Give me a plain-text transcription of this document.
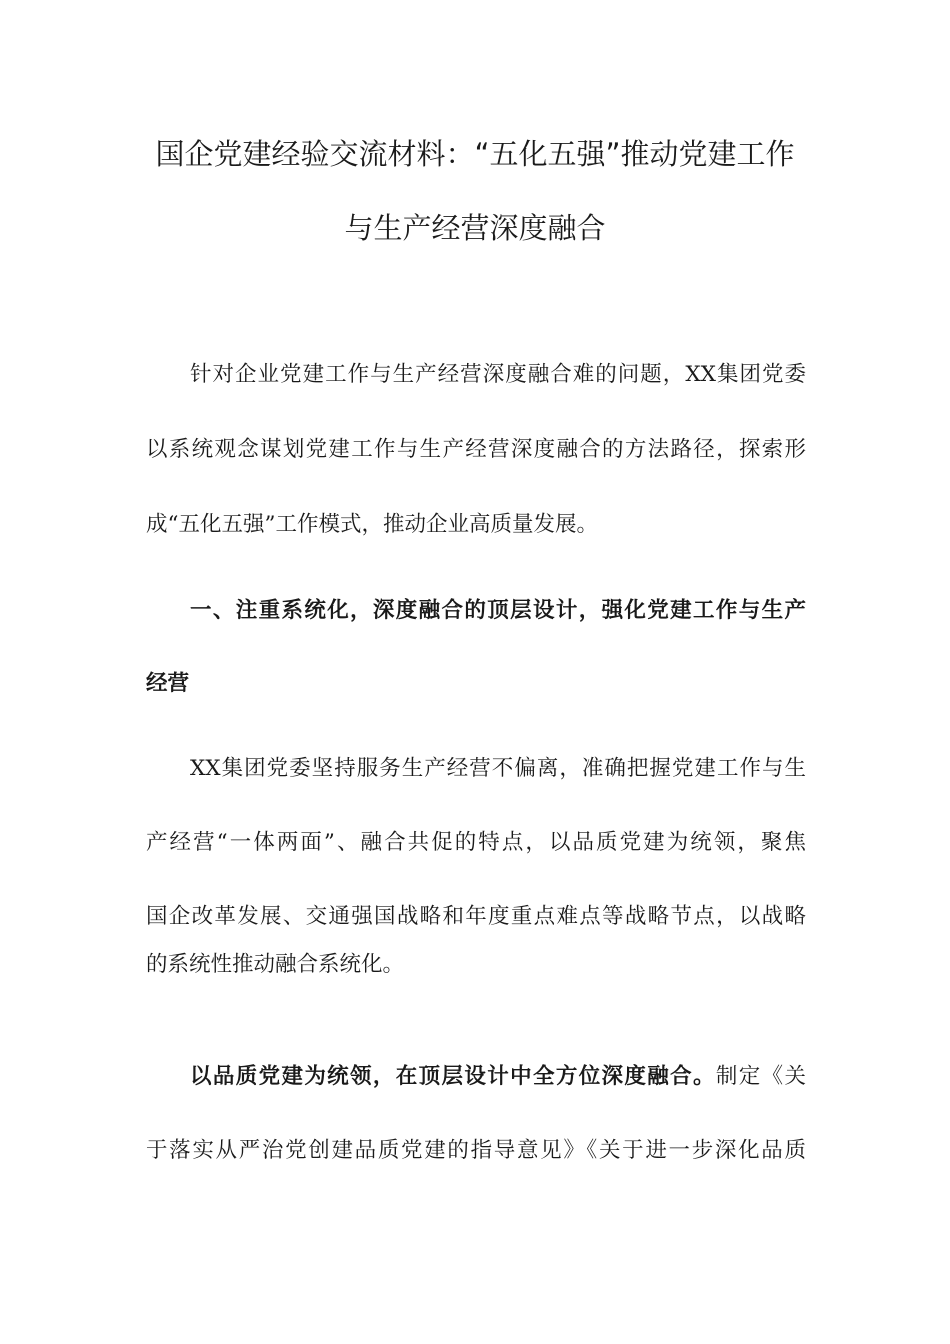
国企党建经验交流材料：“五化五强”推动党建工作
与生产经营深度融合
针对企业党建工作与生产经营深度融合难的问题，XX集团党委
以系统观念谋划党建工作与生产经营深度融合的方法路径，探索形
成“五化五强”工作模式，推动企业高质量发展。
一、注重系统化，深度融合的顶层设计，强化党建工作与生产
经营
XX集团党委坚持服务生产经营不偏离，准确把握党建工作与生
产经营“一体两面”、融合共促的特点，以品质党建为统领，聚焦
国企改革发展、交通强国战略和年度重点难点等战略节点，以战略
的系统性推动融合系统化。
以品质党建为统领，在顶层设计中全方位深度融合。制定《关
于落实从严治党创建品质党建的指导意见》《关于进一步深化品质
